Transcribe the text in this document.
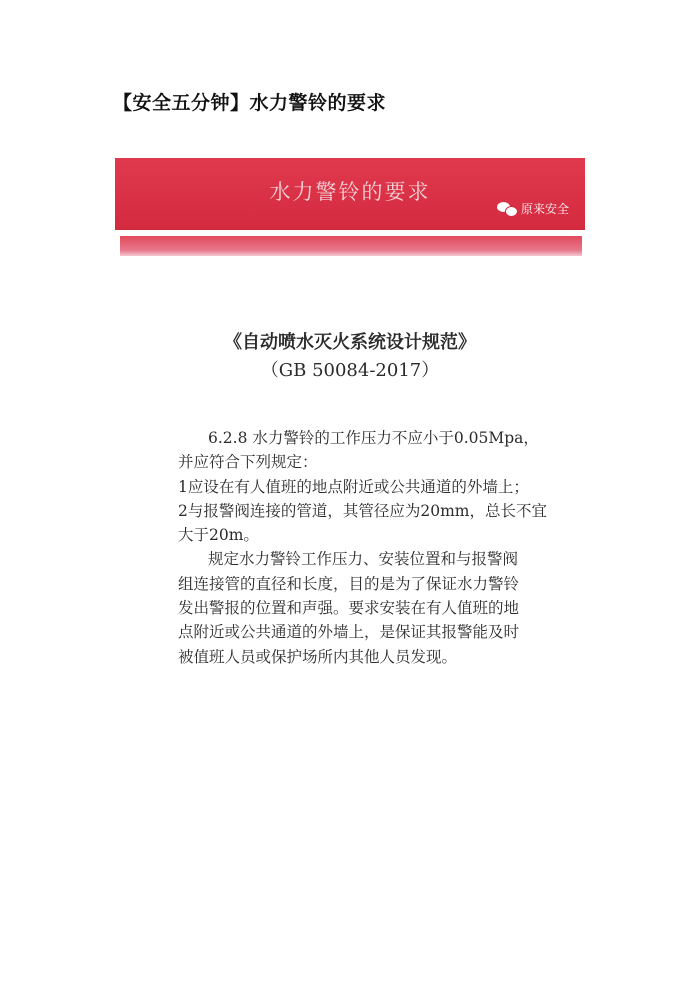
【安全五分钟】水力警铃的要求
水力警铃的要求
原来安全
《自动喷水灭火系统设计规范》
（GB 50084-2017）

6.2.8 水力警铃的工作压力不应小于0.05Mpa，

并应符合下列规定：

1应设在有人值班的地点附近或公共通道的外墙上；

2与报警阀连接的管道，其管径应为20mm，总长不宜

大于20m。

规定水力警铃工作压力、安装位置和与报警阀

组连接管的直径和长度，目的是为了保证水力警铃

发出警报的位置和声强。要求安装在有人值班的地

点附近或公共通道的外墙上，是保证其报警能及时

被值班人员或保护场所内其他人员发现。
